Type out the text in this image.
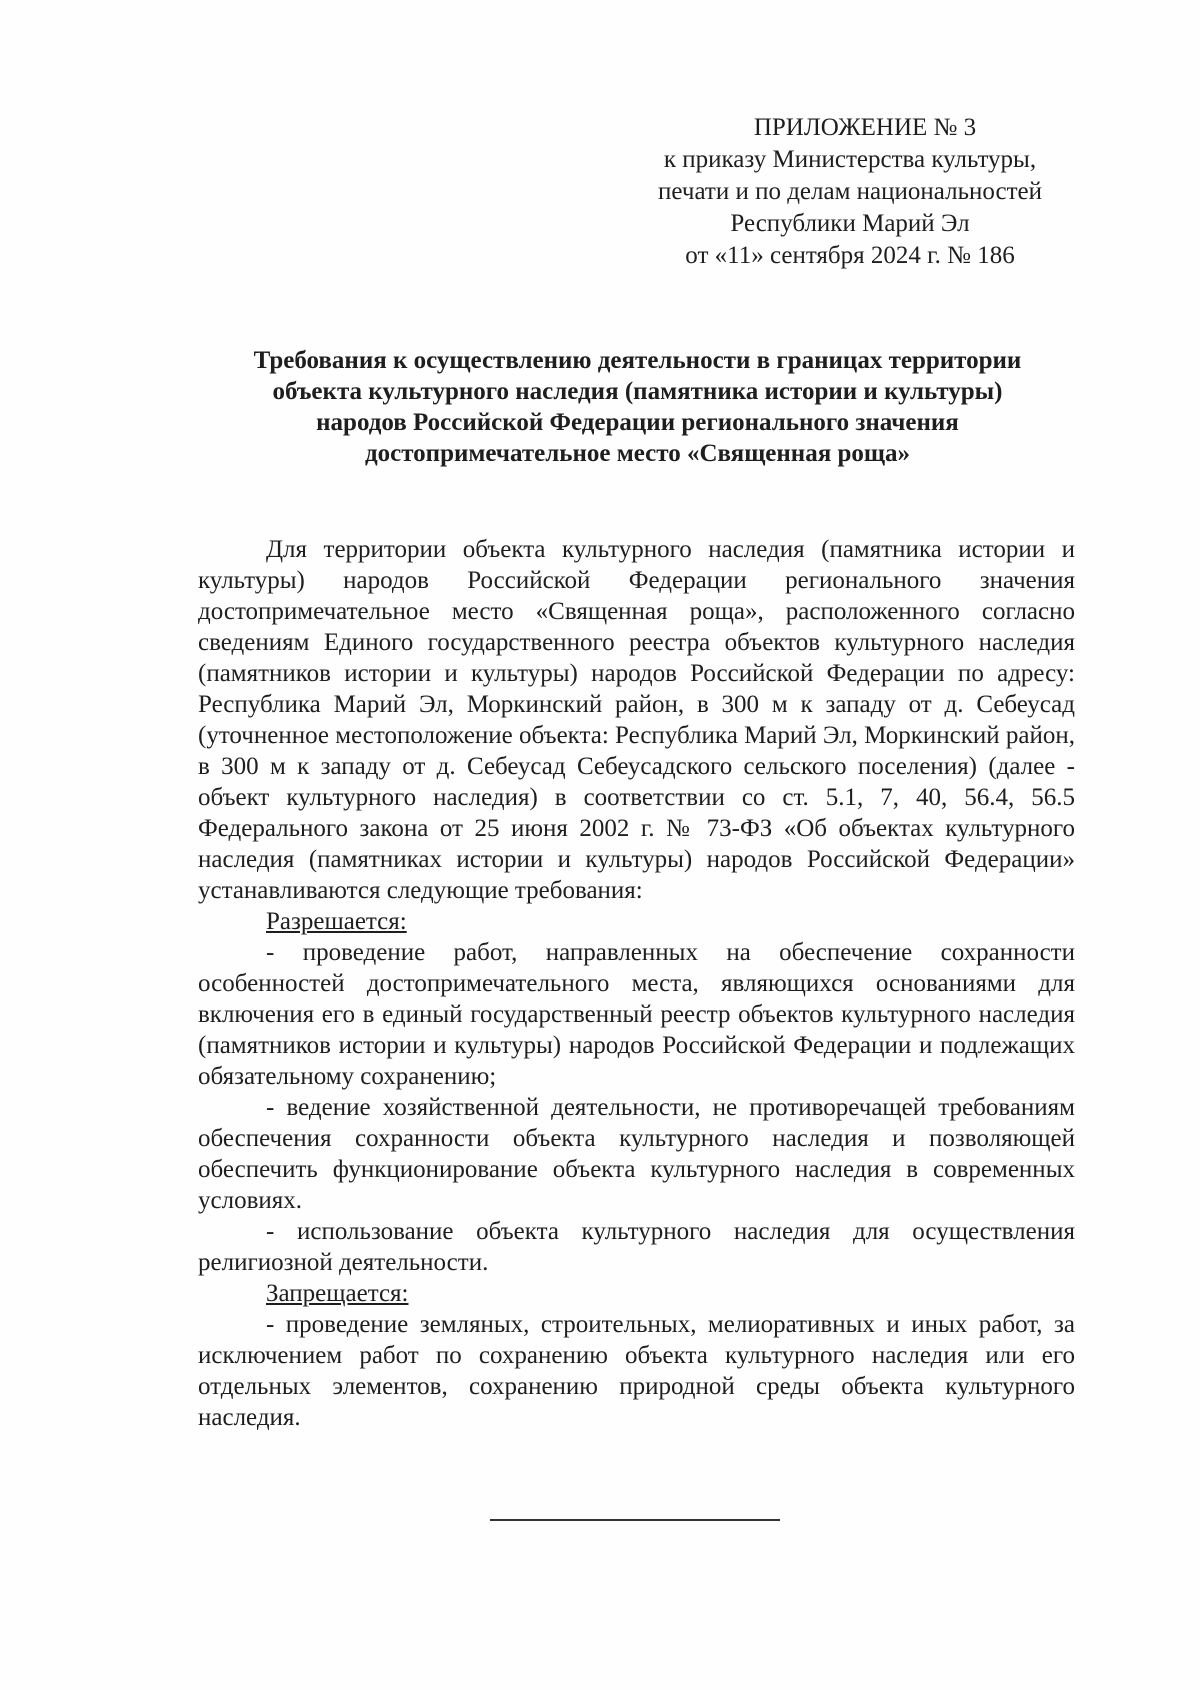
ПРИЛОЖЕНИЕ № 3
к приказу Министерства культуры,
печати и по делам национальностей
Республики Марий Эл
от «11» сентября 2024 г. № 186
Требования к осуществлению деятельности в границах территории
объекта культурного наследия (памятника истории и культуры)
народов Российской Федерации регионального значения
достопримечательное место «Священная роща»

Для территории объекта культурного наследия (памятника истории и культуры) народов Российской Федерации регионального значения достопримечательное место «Священная роща», расположенного согласно сведениям Единого государственного реестра объектов культурного наследия (памятников истории и культуры) народов Российской Федерации по адресу: Республика Марий Эл, Моркинский район, в 300 м к западу от д. Себеусад (уточненное местоположение объекта: Республика Марий Эл, Моркинский район, в 300 м к западу от д. Себеусад Себеусадского сельского поселения) (далее - объект культурного наследия) в соответствии со ст. 5.1, 7, 40, 56.4, 56.5 Федерального закона от 25 июня 2002 г. № 73-ФЗ «Об объектах культурного наследия (памятниках истории и культуры) народов Российской Федерации» устанавливаются следующие требования:

Разрешается:

- проведение работ, направленных на обеспечение сохранности особенностей достопримечательного места, являющихся основаниями для включения его в единый государственный реестр объектов культурного наследия (памятников истории и культуры) народов Российской Федерации и подлежащих обязательному сохранению;

- ведение хозяйственной деятельности, не противоречащей требованиям обеспечения сохранности объекта культурного наследия и позволяющей обеспечить функционирование объекта культурного наследия в современных условиях.

- использование объекта культурного наследия для осуществления религиозной деятельности.

Запрещается:

- проведение земляных, строительных, мелиоративных и иных работ, за исключением работ по сохранению объекта культурного наследия или его отдельных элементов, сохранению природной среды объекта культурного наследия.
